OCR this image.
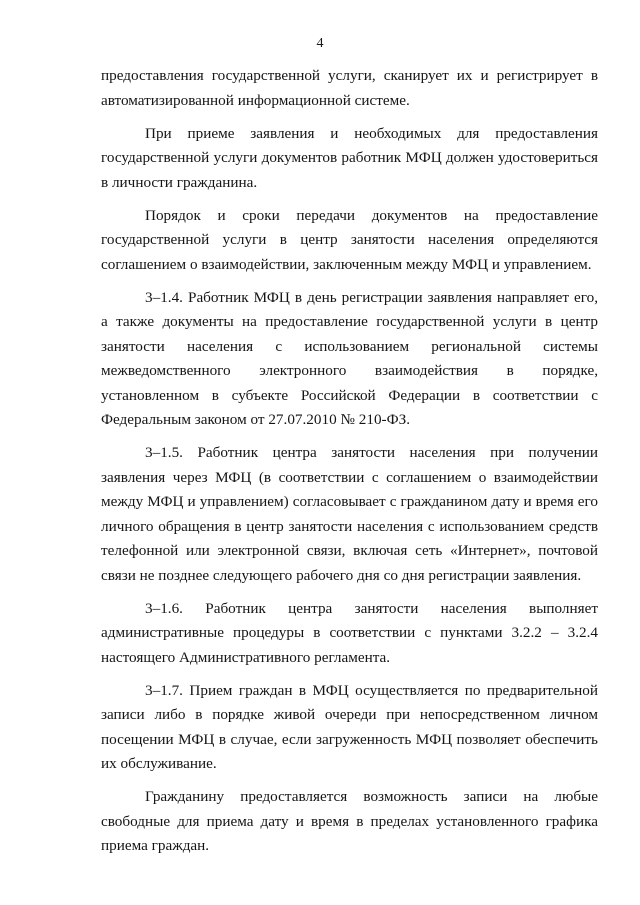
4

предоставления государственной услуги, сканирует их и регистрирует в автоматизированной информационной системе.

При приеме заявления и необходимых для предоставления государственной услуги документов работник МФЦ должен удостовериться в личности гражданина.

Порядок и сроки передачи документов на предоставление государственной услуги в центр занятости населения определяются соглашением о взаимодействии, заключенным между МФЦ и управлением.

3–1.4. Работник МФЦ в день регистрации заявления направляет его, а также документы на предоставление государственной услуги в центр занятости населения с использованием региональной системы межведомственного электронного взаимодействия в порядке, установленном в субъекте Российской Федерации в соответствии с Федеральным законом от 27.07.2010 № 210-ФЗ.

3–1.5. Работник центра занятости населения при получении заявления через МФЦ (в соответствии с соглашением о взаимодействии между МФЦ и управлением) согласовывает с гражданином дату и время его личного обращения в центр занятости населения с использованием средств телефонной или электронной связи, включая сеть «Интернет», почтовой связи не позднее следующего рабочего дня со дня регистрации заявления.

3–1.6. Работник центра занятости населения выполняет административные процедуры в соответствии с пунктами 3.2.2 – 3.2.4 настоящего Административного регламента.

3–1.7. Прием граждан в МФЦ осуществляется по предварительной записи либо в порядке живой очереди при непосредственном личном посещении МФЦ в случае, если загруженность МФЦ позволяет обеспечить их обслуживание.

Гражданину предоставляется возможность записи на любые свободные для приема дату и время в пределах установленного графика приема граждан.
